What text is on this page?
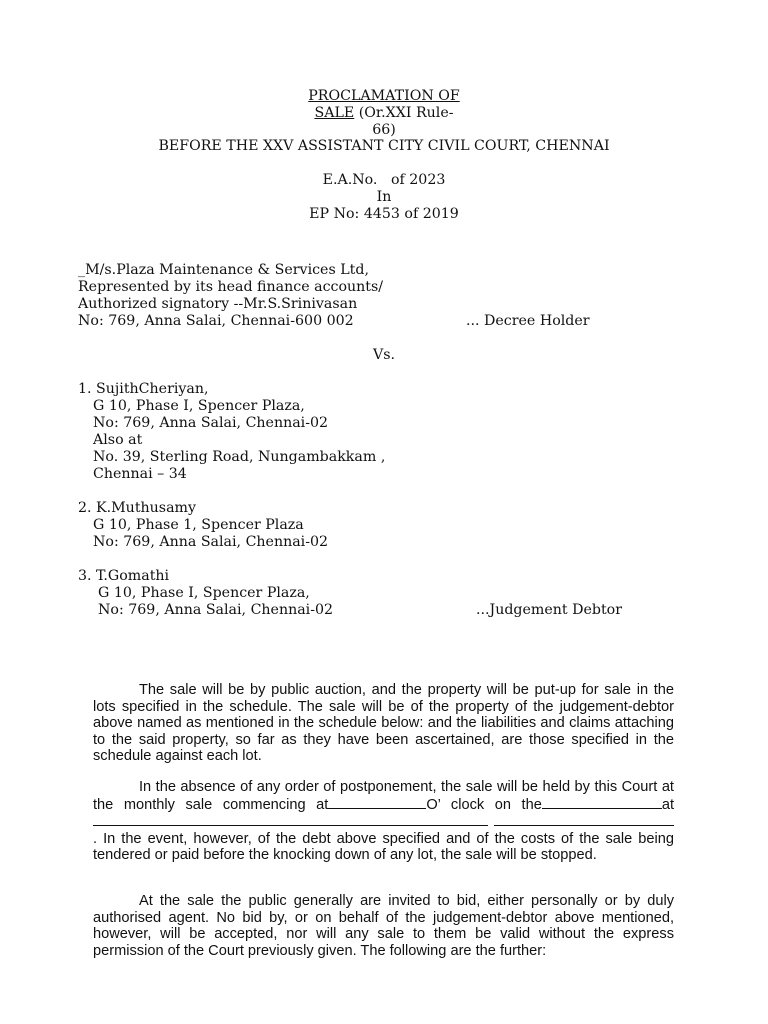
PROCLAMATION OF
SALE (Or.XXI Rule-
66)
BEFORE THE XXV ASSISTANT CITY CIVIL COURT, CHENNAI
E.A.No.   of 2023
In
EP No: 4453 of 2019
_M/s.Plaza Maintenance & Services Ltd,
Represented by its head finance accounts/
Authorized signatory --Mr.S.Srinivasan
No: 769, Anna Salai, Chennai-600 002	... Decree Holder
Vs.
1. SujithCheriyan,
G 10, Phase I, Spencer Plaza,
No: 769, Anna Salai, Chennai-02
Also at
No. 39, Sterling Road, Nungambakkam ,
Chennai – 34
2. K.Muthusamy
G 10, Phase 1, Spencer Plaza
No: 769, Anna Salai, Chennai-02
3. T.Gomathi
G 10, Phase I, Spencer Plaza,
No: 769, Anna Salai, Chennai-02	...Judgement Debtor

The sale will be by public auction, and the property will be put-up for sale in the lots specified in the schedule. The sale will be of the property of the judgement-debtor above named as mentioned in the schedule below: and the liabilities and claims attaching to the said property, so far as they have been ascertained, are those specified in the schedule against each lot.

In the absence of any order of postponement, the sale will be held by this Court at the monthly sale commencing at	O’ clock on the	at . In the event, however, of the debt above specified and of the costs of the sale being tendered or paid before the knocking down of any lot, the sale will be stopped.

At the sale the public generally are invited to bid, either personally or by duly authorised agent. No bid by, or on behalf of the judgement-debtor above mentioned, however, will be accepted, nor will any sale to them be valid without the express permission of the Court previously given. The following are the further:
